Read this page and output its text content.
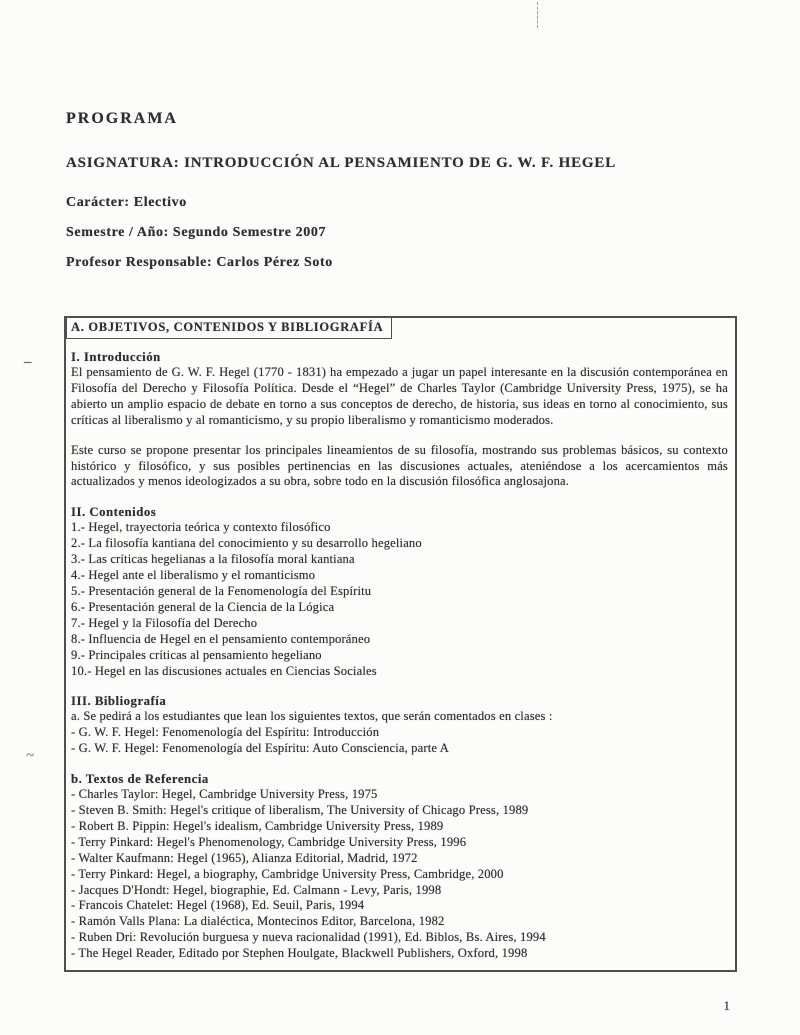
–
~
PROGRAMA
ASIGNATURA: INTRODUCCIÓN AL PENSAMIENTO DE G. W. F. HEGEL
Carácter: Electivo
Semestre / Año: Segundo Semestre 2007
Profesor Responsable: Carlos Pérez Soto
A. OBJETIVOS, CONTENIDOS Y BIBLIOGRAFÍA
I. Introducción

El pensamiento de G. W. F. Hegel (1770 - 1831) ha empezado a jugar un papel interesante en la discusión contemporánea en Filosofía del Derecho y Filosofía Política. Desde el “Hegel” de Charles Taylor (Cambridge University Press, 1975), se ha abierto un amplio espacio de debate en torno a sus conceptos de derecho, de historia, sus ideas en torno al conocimiento, sus críticas al liberalismo y al romanticismo, y su propio liberalismo y romanticismo moderados.

Este curso se propone presentar los principales lineamientos de su filosofía, mostrando sus problemas básicos, su contexto histórico y filosófico, y sus posibles pertinencias en las discusiones actuales, ateniéndose a los acercamientos más actualizados y menos ideologizados a su obra, sobre todo en la discusión filosófica anglosajona.

II. Contenidos
1.- Hegel, trayectoria teórica y contexto filosófico
2.- La filosofía kantiana del conocimiento y su desarrollo hegeliano
3.- Las críticas hegelianas a la filosofía moral kantiana
4.- Hegel ante el liberalismo y el romanticismo
5.- Presentación general de la Fenomenología del Espíritu
6.- Presentación general de la Ciencia de la Lógica
7.- Hegel y la Filosofía del Derecho
8.- Influencia de Hegel en el pensamiento contemporáneo
9.- Principales críticas al pensamiento hegeliano
10.- Hegel en las discusiones actuales en Ciencias Sociales
III. Bibliografía
a. Se pedirá a los estudiantes que lean los siguientes textos, que serán comentados en clases :
- G. W. F. Hegel: Fenomenología del Espíritu: Introducción
- G. W. F. Hegel: Fenomenología del Espíritu: Auto Consciencia, parte A
b. Textos de Referencia
- Charles Taylor: Hegel, Cambridge University Press, 1975
- Steven B. Smith: Hegel's critique of liberalism, The University of Chicago Press, 1989
- Robert B. Pippin: Hegel's idealism, Cambridge University Press, 1989
- Terry Pinkard: Hegel's Phenomenology, Cambridge University Press, 1996
- Walter Kaufmann: Hegel (1965), Alianza Editorial, Madrid, 1972
- Terry Pinkard: Hegel, a biography, Cambridge University Press, Cambridge, 2000
- Jacques D'Hondt: Hegel, biographie, Ed. Calmann - Levy, Paris, 1998
- Francois Chatelet: Hegel (1968), Ed. Seuil, Paris, 1994
- Ramón Valls Plana: La dialéctica, Montecinos Editor, Barcelona, 1982
- Ruben Dri: Revolución burguesa y nueva racionalidad (1991), Ed. Biblos, Bs. Aires, 1994
- The Hegel Reader, Editado por Stephen Houlgate, Blackwell Publishers, Oxford, 1998
1
